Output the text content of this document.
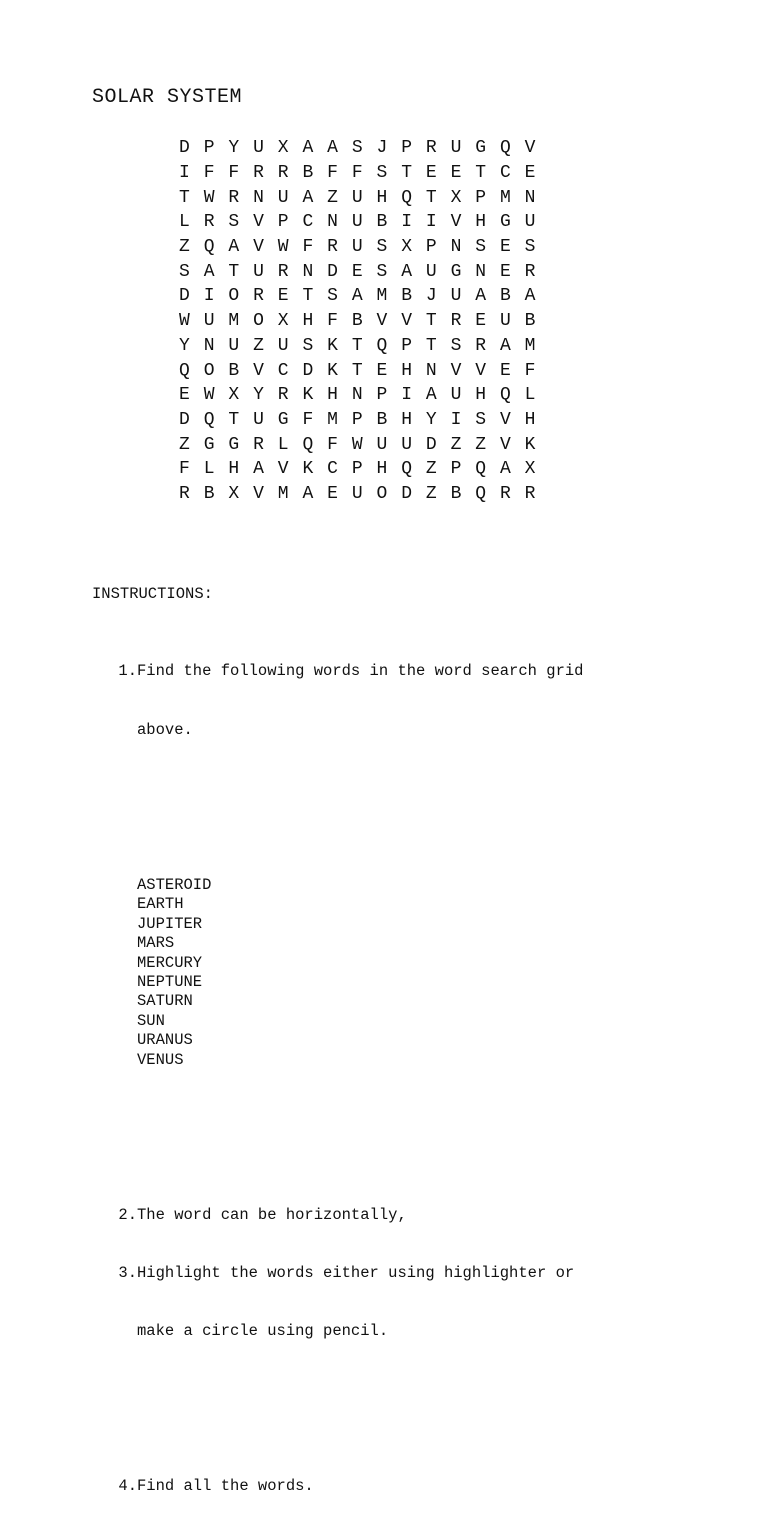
SOLAR SYSTEM
D P Y U X A A S J P R U G Q V
I F F R R B F F S T E E T C E
T W R N U A Z U H Q T X P M N
L R S V P C N U B I I V H G U
Z Q A V W F R U S X P N S E S
S A T U R N D E S A U G N E R
D I O R E T S A M B J U A B A
W U M O X H F B V V T R E U B
Y N U Z U S K T Q P T S R A M
Q O B V C D K T E H N V V E F
E W X Y R K H N P I A U H Q L
D Q T U G F M P B H Y I S V H
Z G G R L Q F W U U D Z Z V K
F L H A V K C P H Q Z P Q A X
R B X V M A E U O D Z B Q R R

INSTRUCTIONS:

1. Find the following words in the word search grid

above.

ASTEROID
EARTH
JUPITER
MARS
MERCURY
NEPTUNE
SATURN
SUN
URANUS
VENUS

2. The word can be horizontally,

3. Highlight the words either using highlighter or

make a circle using pencil.

4. Find all the words.
